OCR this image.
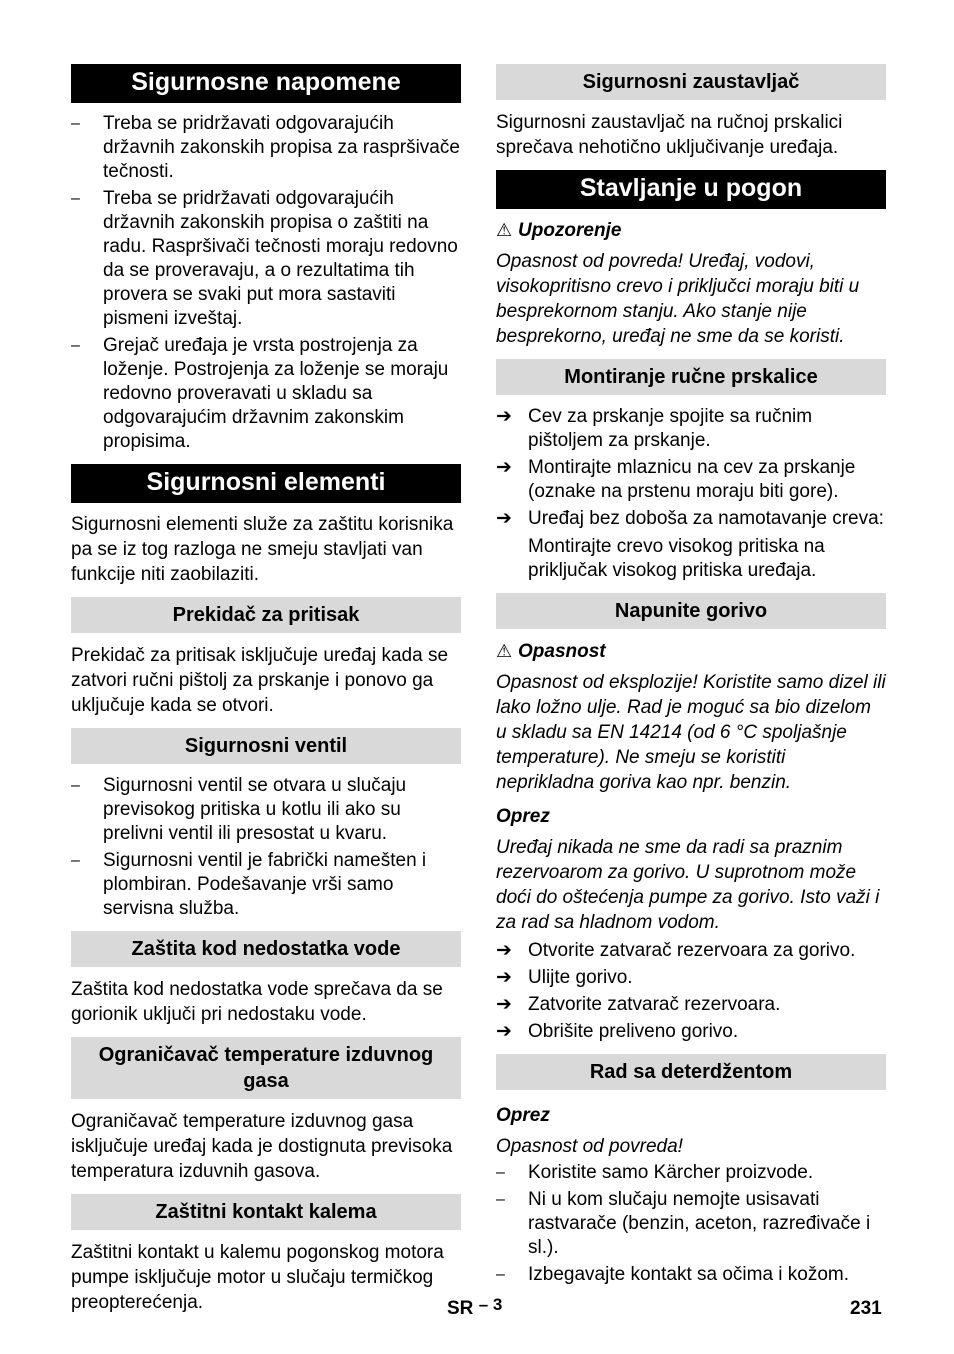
Sigurnosne napomene
– Treba se pridržavati odgovarajućih državnih zakonskih propisa za raspršivače tečnosti.
– Treba se pridržavati odgovarajućih državnih zakonskih propisa o zaštiti na radu. Raspršivači tečnosti moraju redovno da se proveravaju, a o rezultatima tih provera se svaki put mora sastaviti pismeni izveštaj.
– Grejač uređaja je vrsta postrojenja za loženje. Postrojenja za loženje se moraju redovno proveravati u skladu sa odgovarajućim državnim zakonskim propisima.
Sigurnosni elementi

Sigurnosni elementi služe za zaštitu korisnika pa se iz tog razloga ne smeju stavljati van funkcije niti zaobilaziti.

Prekidač za pritisak

Prekidač za pritisak isključuje uređaj kada se zatvori ručni pištolj za prskanje i ponovo ga uključuje kada se otvori.

Sigurnosni ventil
– Sigurnosni ventil se otvara u slučaju previsokog pritiska u kotlu ili ako su prelivni ventil ili presostat u kvaru.
– Sigurnosni ventil je fabrički namešten i plombiran. Podešavanje vrši samo servisna služba.
Zaštita kod nedostatka vode

Zaštita kod nedostatka vode sprečava da se gorionik uključi pri nedostaku vode.

Ograničavač temperature izduvnog gasa

Ograničavač temperature izduvnog gasa isključuje uređaj kada je dostignuta previsoka temperatura izduvnih gasova.

Zaštitni kontakt kalema

Zaštitni kontakt u kalemu pogonskog motora pumpe isključuje motor u slučaju termičkog preopterećenja.

Sigurnosni zaustavljač

Sigurnosni zaustavljač na ručnoj prskalici sprečava nehotično uključivanje uređaja.

Stavljanje u pogon
⚠ Upozorenje

Opasnost od povreda! Uređaj, vodovi, visokopritisno crevo i priključci moraju biti u besprekornom stanju. Ako stanje nije besprekorno, uređaj ne sme da se koristi.

Montiranje ručne prskalice
➔ Cev za prskanje spojite sa ručnim pištoljem za prskanje.
➔ Montirajte mlaznicu na cev za prskanje (oznake na prstenu moraju biti gore).
➔ Uređaj bez doboša za namotavanje creva:
Montirajte crevo visokog pritiska na priključak visokog pritiska uređaja.
Napunite gorivo
⚠ Opasnost

Opasnost od eksplozije! Koristite samo dizel ili lako ložno ulje. Rad je moguć sa bio dizelom u skladu sa EN 14214 (od 6 °C spoljašnje temperature). Ne smeju se koristiti neprikladna goriva kao npr. benzin.

Oprez

Uređaj nikada ne sme da radi sa praznim rezervoarom za gorivo. U suprotnom može doći do oštećenja pumpe za gorivo. Isto važi i za rad sa hladnom vodom.

➔ Otvorite zatvarač rezervoara za gorivo.
➔ Ulijte gorivo.
➔ Zatvorite zatvarač rezervoara.
➔ Obrišite preliveno gorivo.
Rad sa deterdžentom
Oprez

Opasnost od povreda!

– Koristite samo Kärcher proizvode.
– Ni u kom slučaju nemojte usisavati rastvarače (benzin, aceton, razređivače i sl.).
– Izbegavajte kontakt sa očima i kožom.
SR – 3	231
